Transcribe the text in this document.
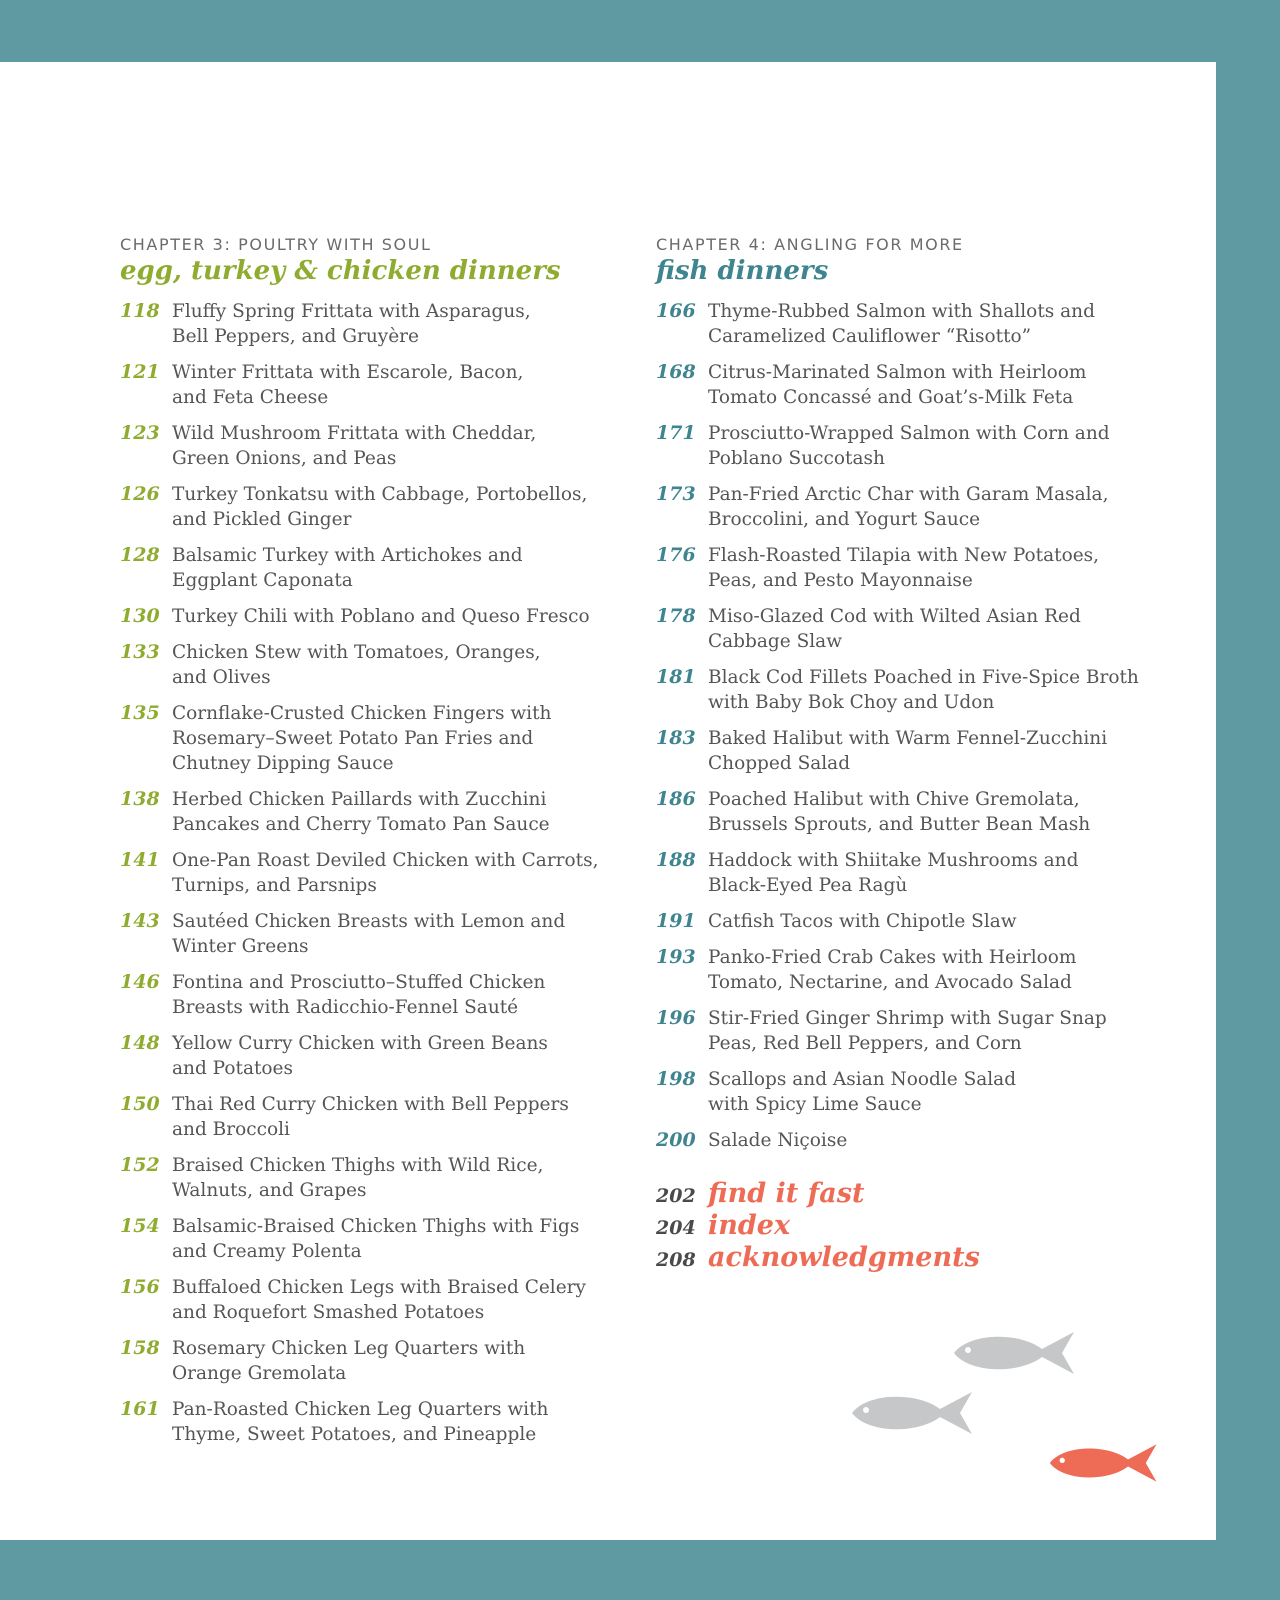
CHAPTER 3: POULTRY WITH SOUL

egg, turkey & chicken dinners
118 Fluffy Spring Frittata with Asparagus,
Bell Peppers, and Gruyère
121 Winter Frittata with Escarole, Bacon,
and Feta Cheese
123 Wild Mushroom Frittata with Cheddar,
Green Onions, and Peas
126 Turkey Tonkatsu with Cabbage, Portobellos,
and Pickled Ginger
128 Balsamic Turkey with Artichokes and
Eggplant Caponata
130 Turkey Chili with Poblano and Queso Fresco
133 Chicken Stew with Tomatoes, Oranges,
and Olives
135 Cornflake-Crusted Chicken Fingers with
Rosemary–Sweet Potato Pan Fries and
Chutney Dipping Sauce
138 Herbed Chicken Paillards with Zucchini
Pancakes and Cherry Tomato Pan Sauce
141 One-Pan Roast Deviled Chicken with Carrots,
Turnips, and Parsnips
143 Sautéed Chicken Breasts with Lemon and
Winter Greens
146 Fontina and Prosciutto–Stuffed Chicken
Breasts with Radicchio-Fennel Sauté
148 Yellow Curry Chicken with Green Beans
and Potatoes
150 Thai Red Curry Chicken with Bell Peppers
and Broccoli
152 Braised Chicken Thighs with Wild Rice,
Walnuts, and Grapes
154 Balsamic-Braised Chicken Thighs with Figs
and Creamy Polenta
156 Buffaloed Chicken Legs with Braised Celery
and Roquefort Smashed Potatoes
158 Rosemary Chicken Leg Quarters with
Orange Gremolata
161 Pan-Roasted Chicken Leg Quarters with
Thyme, Sweet Potatoes, and Pineapple

CHAPTER 4: ANGLING FOR MORE

fish dinners
166 Thyme-Rubbed Salmon with Shallots and
Caramelized Cauliflower “Risotto”
168 Citrus-Marinated Salmon with Heirloom
Tomato Concassé and Goat’s-Milk Feta
171 Prosciutto-Wrapped Salmon with Corn and
Poblano Succotash
173 Pan-Fried Arctic Char with Garam Masala,
Broccolini, and Yogurt Sauce
176 Flash-Roasted Tilapia with New Potatoes,
Peas, and Pesto Mayonnaise
178 Miso-Glazed Cod with Wilted Asian Red
Cabbage Slaw
181 Black Cod Fillets Poached in Five-Spice Broth
with Baby Bok Choy and Udon
183 Baked Halibut with Warm Fennel-Zucchini
Chopped Salad
186 Poached Halibut with Chive Gremolata,
Brussels Sprouts, and Butter Bean Mash
188 Haddock with Shiitake Mushrooms and
Black-Eyed Pea Ragù
191 Catfish Tacos with Chipotle Slaw
193 Panko-Fried Crab Cakes with Heirloom
Tomato, Nectarine, and Avocado Salad
196 Stir-Fried Ginger Shrimp with Sugar Snap
Peas, Red Bell Peppers, and Corn
198 Scallops and Asian Noodle Salad
with Spicy Lime Sauce
200 Salade Niçoise
202 find it fast
204 index
208 acknowledgments
